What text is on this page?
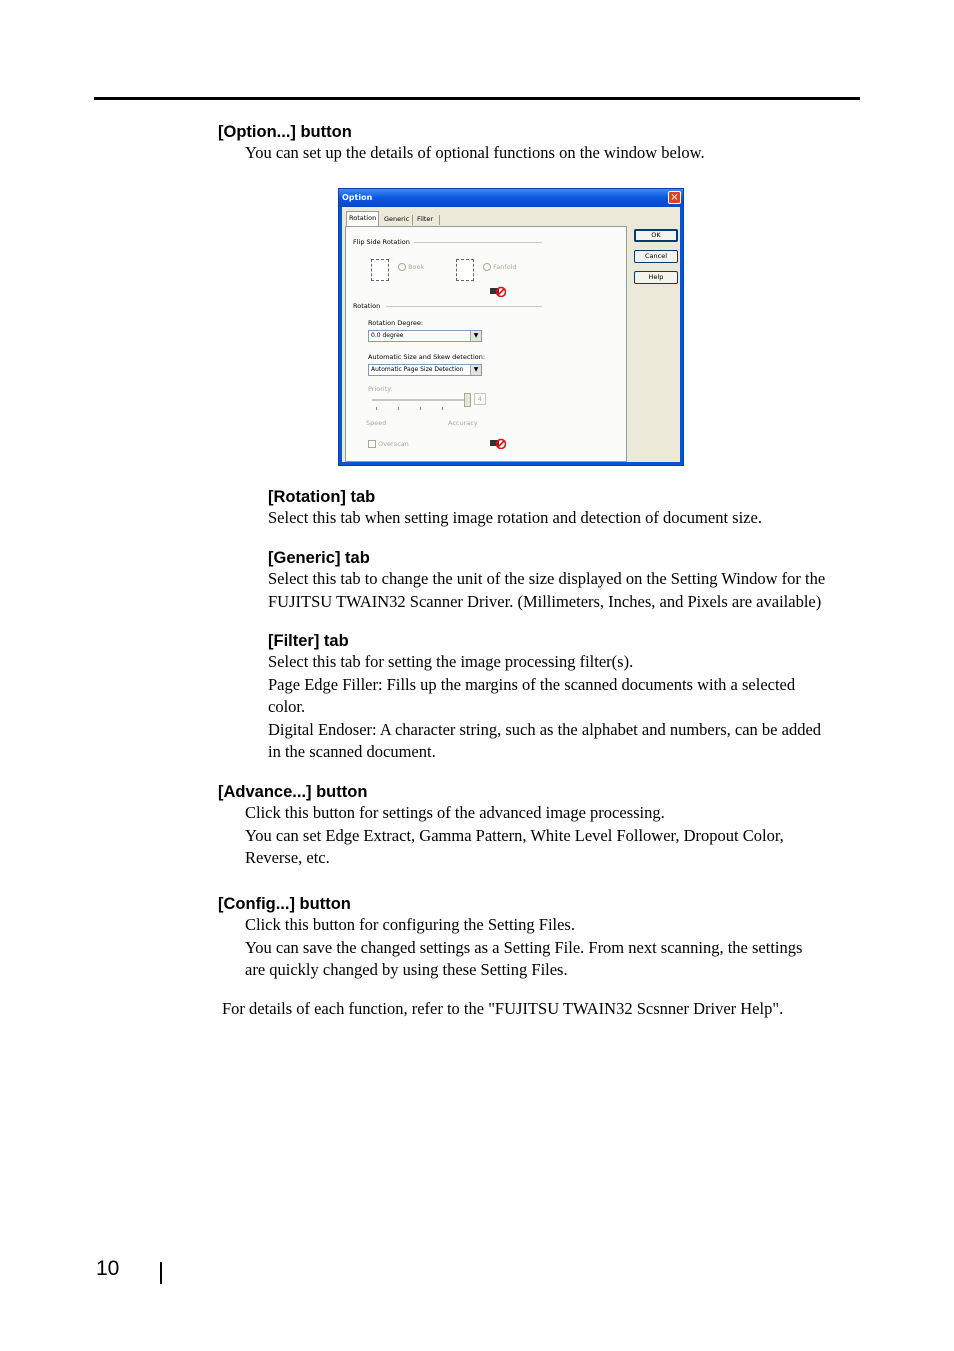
[Option...] button
You can set up the details of optional functions on the window below.
Option	×
Rotation	Generic	Filter
Flip Side Rotation
Book	Fanfold
Rotation
Rotation Degree:
0.0 degree	▼
Automatic Size and Skew detection:
Automatic Page Size Detection	▼
Priority:
4
Speed	Accuracy
Overscan
OK
Cancel
Help
[Rotation] tab
Select this tab when setting image rotation and detection of document size.
[Generic] tab
Select this tab to change the unit of the size displayed on the Setting Window for the
FUJITSU TWAIN32 Scanner Driver. (Millimeters, Inches, and Pixels are available)
[Filter] tab
Select this tab for setting the image processing filter(s).
Page Edge Filler: Fills up the margins of the scanned documents with a selected
color.
Digital Endoser: A character string, such as the alphabet and numbers, can be added
in the scanned document.
[Advance...] button
Click this button for settings of the advanced image processing.
You can set Edge Extract, Gamma Pattern, White Level Follower, Dropout Color,
Reverse, etc.
[Config...] button
Click this button for configuring the Setting Files.
You can save the changed settings as a Setting File. From next scanning, the settings
are quickly changed by using these Setting Files.
For details of each function, refer to the "FUJITSU TWAIN32 Scsnner Driver Help".
10
